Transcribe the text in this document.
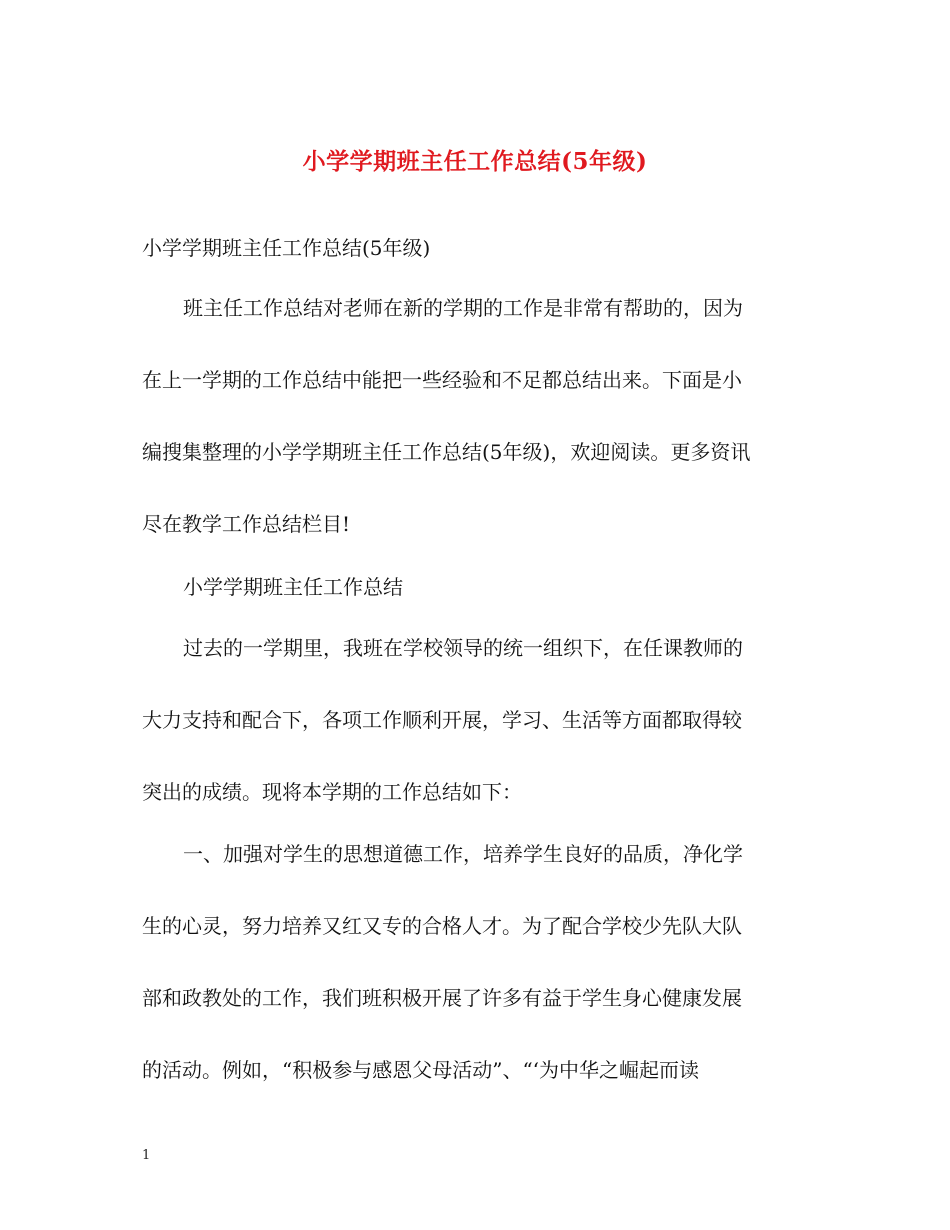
小学学期班主任工作总结(5年级)
小学学期班主任工作总结(5年级)
班主任工作总结对老师在新的学期的工作是非常有帮助的，因为
在上一学期的工作总结中能把一些经验和不足都总结出来。下面是小
编搜集整理的小学学期班主任工作总结(5年级)，欢迎阅读。更多资讯
尽在教学工作总结栏目!
小学学期班主任工作总结
过去的一学期里，我班在学校领导的统一组织下，在任课教师的
大力支持和配合下，各项工作顺利开展，学习、生活等方面都取得较
突出的成绩。现将本学期的工作总结如下：
一、加强对学生的思想道德工作，培养学生良好的品质，净化学
生的心灵，努力培养又红又专的合格人才。为了配合学校少先队大队
部和政教处的工作，我们班积极开展了许多有益于学生身心健康发展
的活动。例如，“积极参与感恩父母活动”、“‘为中华之崛起而读
1
